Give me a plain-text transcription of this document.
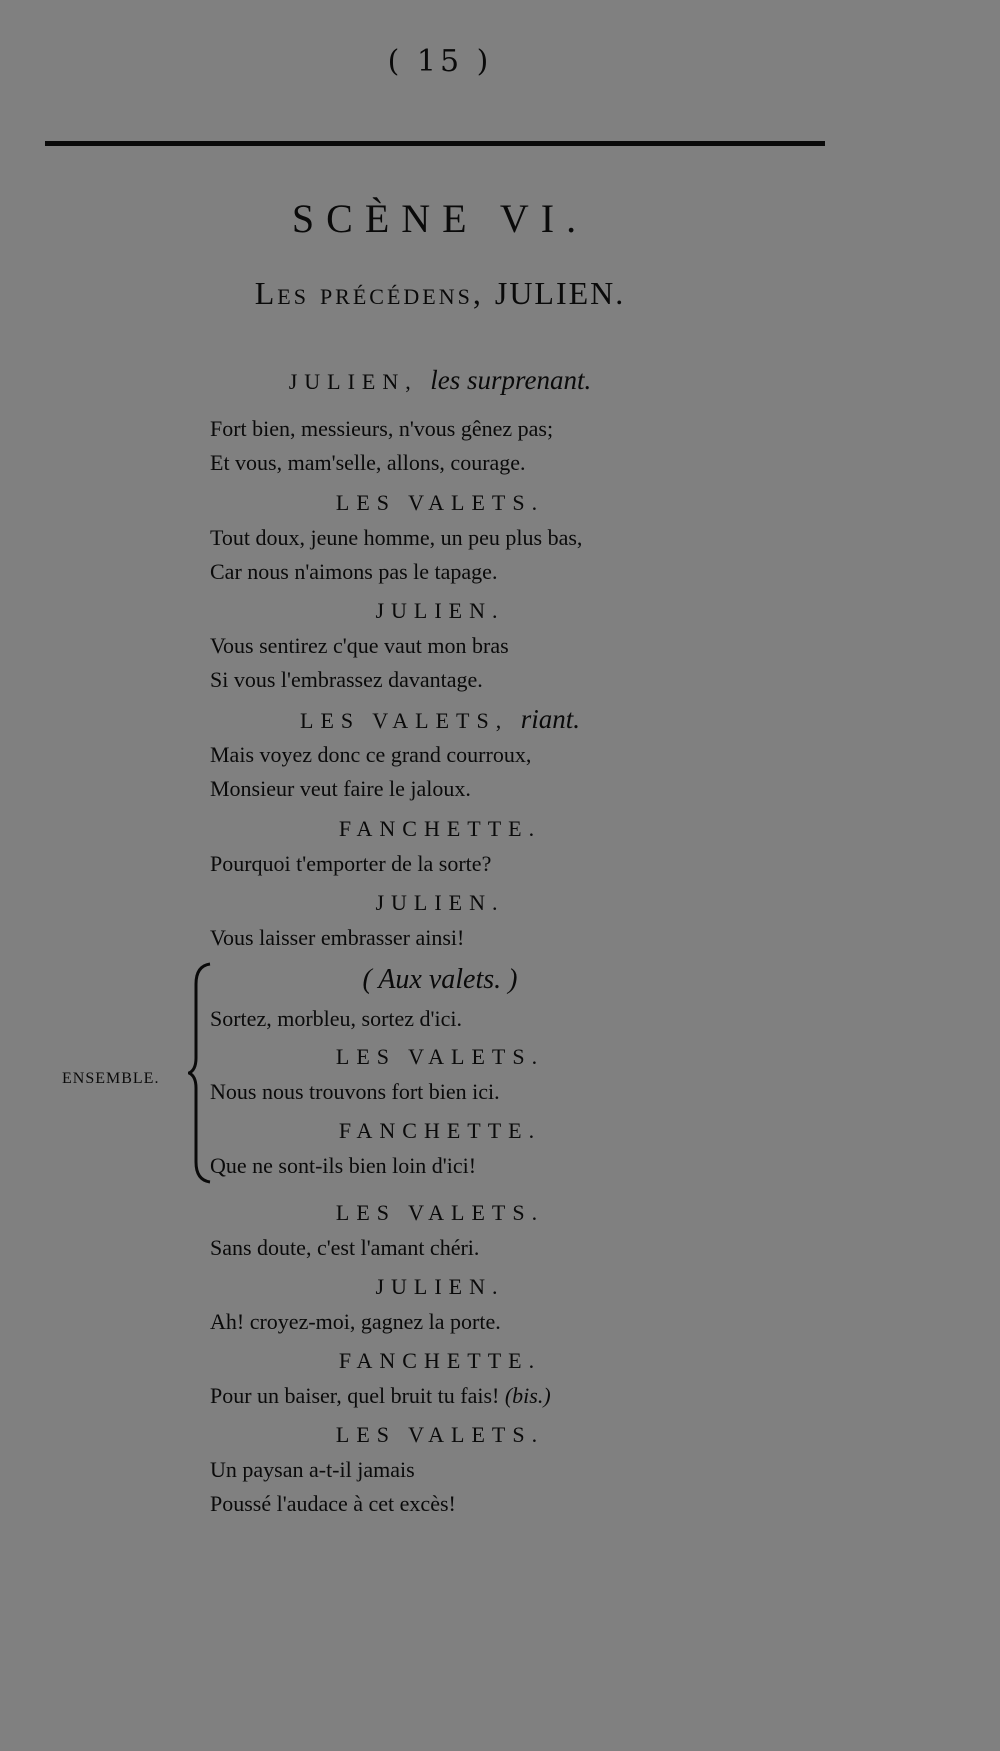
( 15 )
SCÈNE VI.
Les précédens, JULIEN.
JULIEN, les surprenant.
Fort bien, messieurs, n'vous gênez pas;
Et vous, mam'selle, allons, courage.
LES VALETS.
Tout doux, jeune homme, un peu plus bas,
Car nous n'aimons pas le tapage.
JULIEN.
Vous sentirez c'que vaut mon bras
Si vous l'embrassez davantage.
LES VALETS, riant.
Mais voyez donc ce grand courroux,
Monsieur veut faire le jaloux.
FANCHETTE.
Pourquoi t'emporter de la sorte?
JULIEN.
Vous laisser embrasser ainsi!
ENSEMBLE.
( Aux valets. )
Sortez, morbleu, sortez d'ici.
LES VALETS.
Nous nous trouvons fort bien ici.
FANCHETTE.
Que ne sont-ils bien loin d'ici!
LES VALETS.
Sans doute, c'est l'amant chéri.
JULIEN.
Ah! croyez-moi, gagnez la porte.
FANCHETTE.
Pour un baiser, quel bruit tu fais! (bis.)
LES VALETS.
Un paysan a-t-il jamais
Poussé l'audace à cet excès!
